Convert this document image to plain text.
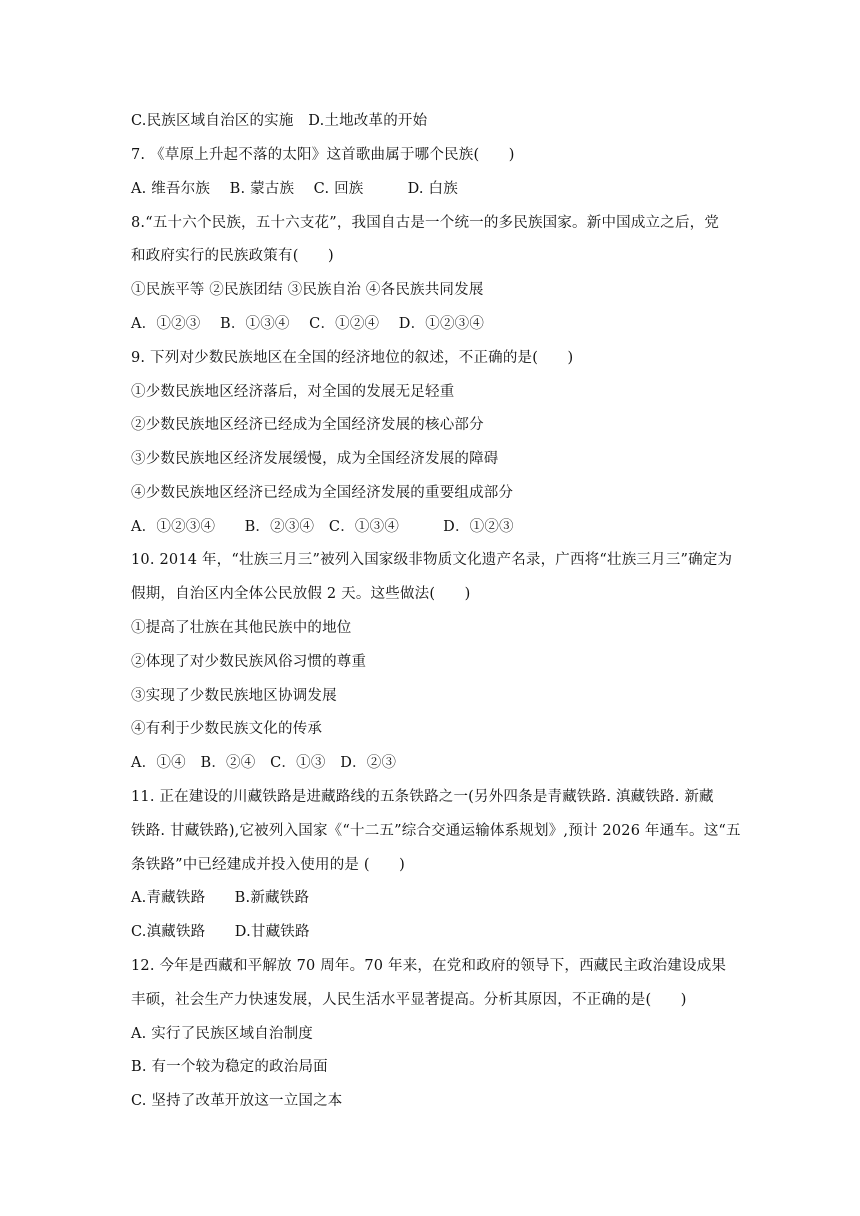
C.民族区域自治区的实施　D.土地改革的开始
7. 《草原上升起不落的太阳》这首歌曲属于哪个民族(　　)
A. 维吾尔族　 B. 蒙古族　 C. 回族　　　D. 白族
8.“五十六个民族，五十六支花”，我国自古是一个统一的多民族国家。新中国成立之后，党
和政府实行的民族政策有(　　)
①民族平等 ②民族团结 ③民族自治 ④各民族共同发展
A．①②③　 B．①③④　 C．①②④　 D．①②③④
9. 下列对少数民族地区在全国的经济地位的叙述，不正确的是(　　)
①少数民族地区经济落后，对全国的发展无足轻重
②少数民族地区经济已经成为全国经济发展的核心部分
③少数民族地区经济发展缓慢，成为全国经济发展的障碍
④少数民族地区经济已经成为全国经济发展的重要组成部分
A．①②③④　　B．②③④　C．①③④　　　D．①②③
10. 2014 年，“壮族三月三”被列入国家级非物质文化遗产名录，广西将“壮族三月三”确定为
假期，自治区内全体公民放假 2 天。这些做法(　　)
①提高了壮族在其他民族中的地位
②体现了对少数民族风俗习惯的尊重
③实现了少数民族地区协调发展
④有利于少数民族文化的传承
A．①④　B．②④　C．①③　D．②③
11. 正在建设的川藏铁路是进藏路线的五条铁路之一(另外四条是青藏铁路. 滇藏铁路. 新藏
铁路. 甘藏铁路),它被列入国家《“十二五”综合交通运输体系规划》,预计 2026 年通车。这“五
条铁路”中已经建成并投入使用的是 (　　)
A.青藏铁路　　B.新藏铁路
C.滇藏铁路　　D.甘藏铁路
12. 今年是西藏和平解放 70 周年。70 年来，在党和政府的领导下，西藏民主政治建设成果
丰硕，社会生产力快速发展，人民生活水平显著提高。分析其原因，不正确的是(　　)
A. 实行了民族区域自治制度
B. 有一个较为稳定的政治局面
C. 坚持了改革开放这一立国之本
